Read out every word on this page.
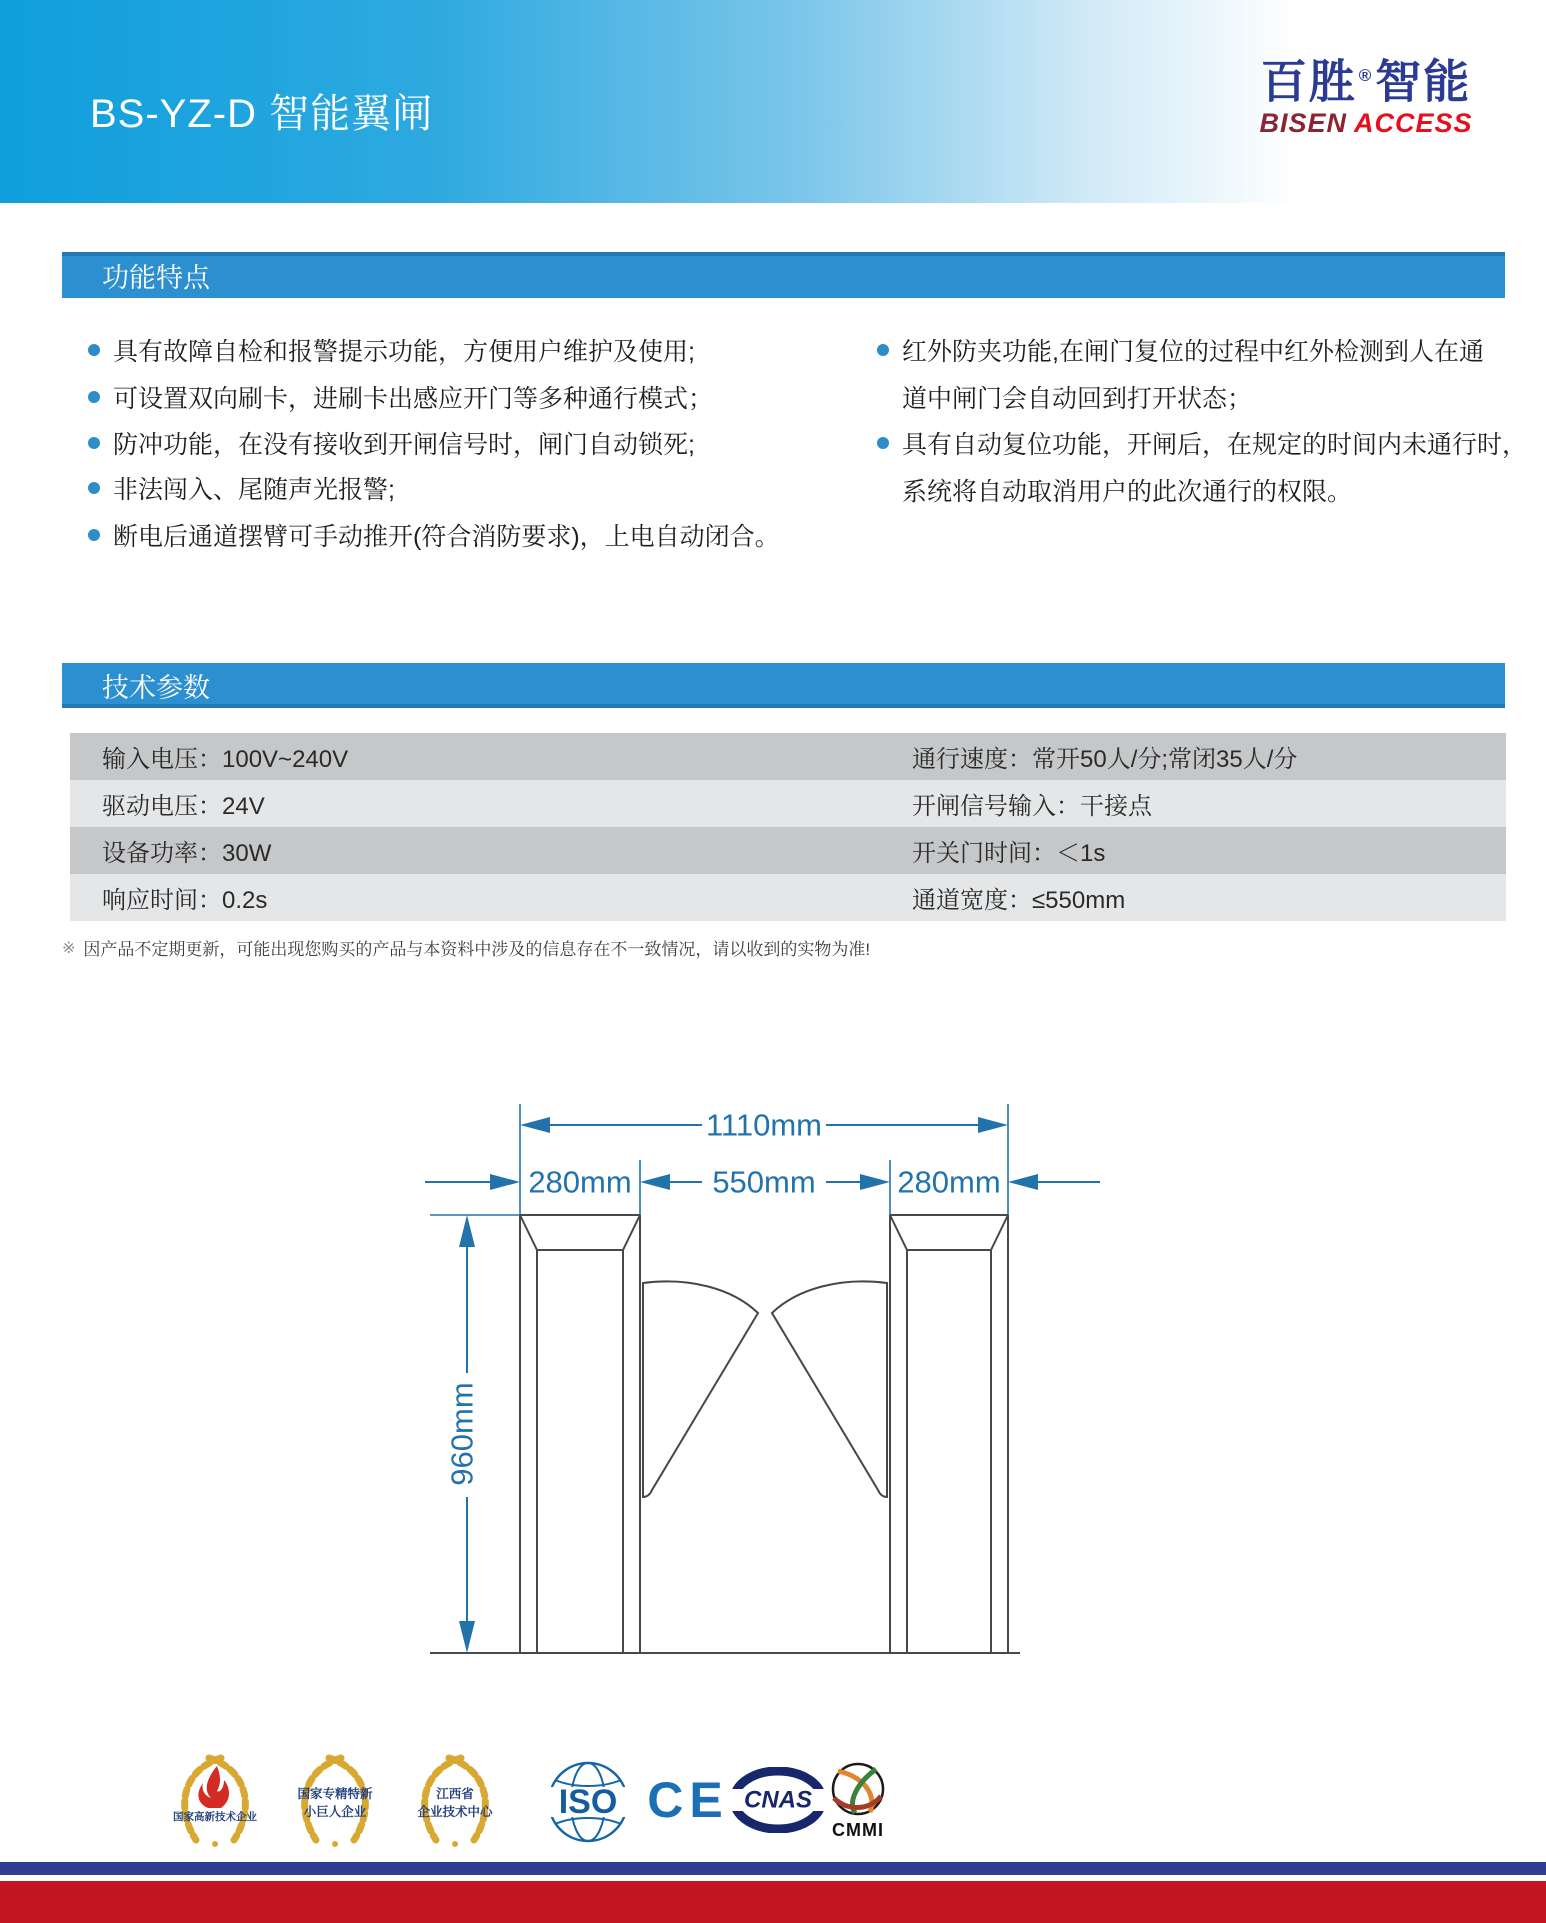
BS-YZ-D 智能翼闸
百胜 ®智能
BISEN ACCESS
功能特点
具有故障自检和报警提示功能，方便用户维护及使用;
可设置双向刷卡，进刷卡出感应开门等多种通行模式；
防冲功能，在没有接收到开闸信号时，闸门自动锁死;
非法闯入、尾随声光报警;
断电后通道摆臂可手动推开(符合消防要求)，上电自动闭合。
红外防夹功能,在闸门复位的过程中红外检测到人在通
道中闸门会自动回到打开状态；
具有自动复位功能，开闸后，在规定的时间内未通行时，
系统将自动取消用户的此次通行的权限。
技术参数
输入电压：100V~240V	通行速度：常开50人/分;常闭35人/分
驱动电压：24V	开闸信号输入：干接点
设备功率：30W	开关门时间：＜1s
响应时间：0.2s	通道宽度：≤550mm
※ 因产品不定期更新，可能出现您购买的产品与本资料中涉及的信息存在不一致情况，请以收到的实物为准!
1110mm
280mm	550mm	280mm
960mm
国家高新技术企业
国家专精特新
小巨人企业
江西省
企业技术中心 ISO CE CNAS
CMMI
